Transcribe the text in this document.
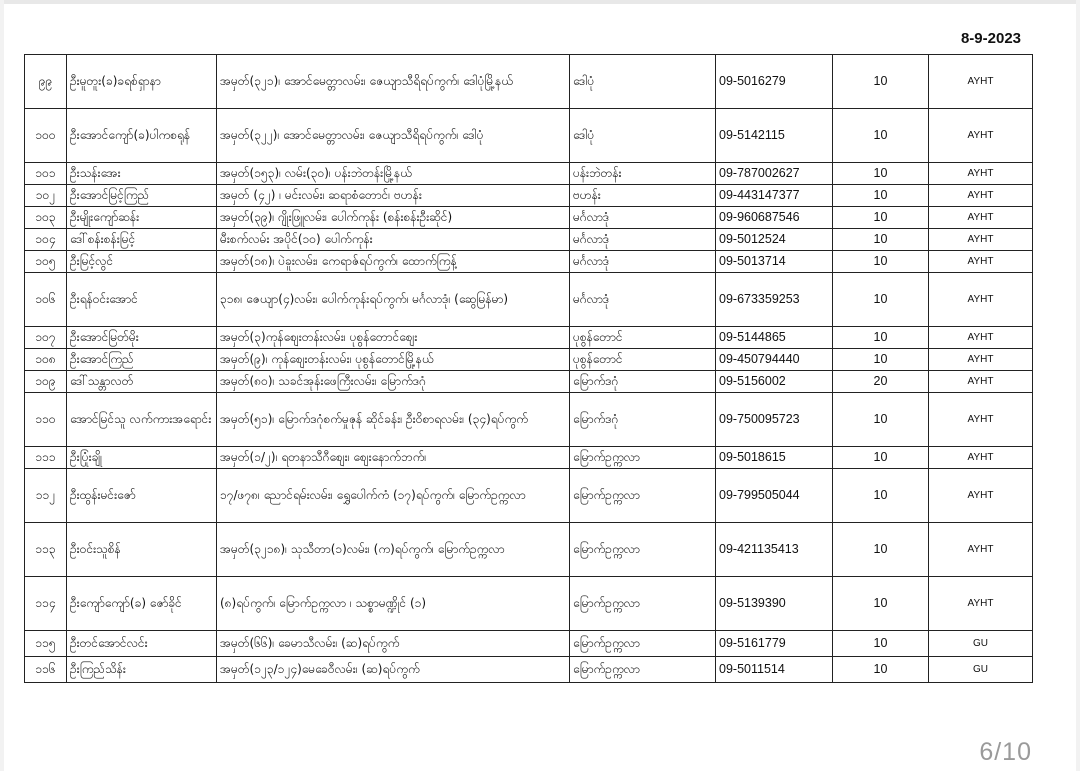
8-9-2023
၉၉	ဦးမူတူး(ခ)ခရစ်ရှာနာ	အမှတ်(၃၂၁)၊ အောင်မေတ္တာလမ်း၊ ဇေယျာသီရိရပ်ကွက်၊ ဒေါပုံမြို့နယ်	ဒေါပုံ	09-5016279	10	AYHT
၁၀၀	ဦးအောင်ကျော်(ခ)ပါကစရုန်	အမှတ်(၃၂၂)၊ အောင်မေတ္တာလမ်း၊ ဇေယျာသီရိရပ်ကွက်၊ ဒေါပုံ	ဒေါပုံ	09-5142115	10	AYHT
၁၀၁	ဦးသန်းအေး	အမှတ်(၁၅၃)၊ လမ်း(၃၀)၊ ပန်းဘဲတန်းမြို့နယ်	ပန်းဘဲတန်း	09-787002627	10	AYHT
၁၀၂	ဦးအောင်မြင့်ကြည်	အမှတ် (၄၂) ၊ မင်းလမ်း၊ ဆရာစံတောင်၊ ဗဟန်း	ဗဟန်း	09-443147377	10	AYHT
၁၀၃	ဦးမျိုးကျော်ဆန်း	အမှတ်(၃၉)၊ ဂျိုးဖြူလမ်း၊ ပေါက်ကုန်း (စန်းစန်းဦးဆိုင်)	မင်္ဂလာဒုံ	09-960687546	10	AYHT
၁၀၄	ဒေါ်စန်းစန်းမြင့်	မီးစက်လမ်း အပိုင်(၁၀) ပေါက်ကုန်း	မင်္ဂလာဒုံ	09-5012524	10	AYHT
၁၀၅	ဦးမြင့်လွင်	အမှတ်(၁၈)၊ ပဲခူးလမ်း၊ ကေရာဇ်ရပ်ကွက်၊ ထောက်ကြန့်	မင်္ဂလာဒုံ	09-5013714	10	AYHT
၁၀၆	ဦးရန်ဝင်းအောင်	၃၁၈၊ ဇေယျာ(၄)လမ်း၊ ပေါက်ကုန်းရပ်ကွက်၊ မင်္ဂလာဒုံ၊ (ဆွေမြန်မာ)	မင်္ဂလာဒုံ	09-673359253	10	AYHT
၁၀၇	ဦးအောင်မြတ်မိုး	အမှတ်(၃)ကုန်စျေးတန်းလမ်း၊ ပုစွန်တောင်စျေး	ပုစွန်တောင်	09-5144865	10	AYHT
၁၀၈	ဦးအောင်ကြည်	အမှတ်(၉)၊ ကုန်စျေးတန်းလမ်း၊ ပုစွန်တောင်မြို့နယ်	ပုစွန်တောင်	09-450794440	10	AYHT
၁၀၉	ဒေါ်သန္တာလတ်	အမှတ်(၈၀)၊ သခင်အုန်းဖေကြီးလမ်း၊ မြောက်ဒဂုံ	မြောက်ဒဂုံ	09-5156002	20	AYHT
၁၁၀	အောင်မြင်သူ လက်ကားအရောင်း	အမှတ်(၅၁)၊ မြောက်ဒဂုံစက်မှုဇုန် ဆိုင်ခန်း၊ ဦးဝိစာရလမ်း၊ (၃၄)ရပ်ကွက်	မြောက်ဒဂုံ	09-750095723	10	AYHT
၁၁၁	ဦးပြုံးချို	အမှတ်(၁/၂)၊ ရတနာသီဂီစျေး၊ စျေးနောက်ဘက်၊	မြောက်ဥက္ကလာ	09-5018615	10	AYHT
၁၁၂	ဦးထွန်းမင်းဇော်	၁၇/ဖ၇၈၊ ညောင်ရမ်းလမ်း၊ ရွှေပေါက်ကံ (၁၇)ရပ်ကွက်၊ မြောက်ဥက္ကလာ	မြောက်ဥက္ကလာ	09-799505044	10	AYHT
၁၁၃	ဦးဝင်းသူစိန်	အမှတ်(၃၂၁၈)၊ သုသီတာ(၁)လမ်း၊ (က)ရပ်ကွက်၊ မြောက်ဥက္ကလာ	မြောက်ဥက္ကလာ	09-421135413	10	AYHT
၁၁၄	ဦးကျော်ကျော်(ခ) ဇော်ခိုင်	(၈)ရပ်ကွက်၊ မြောက်ဥက္ကလာ ၊ သစ္စာမဏ္ဍိုင် (၁)	မြောက်ဥက္ကလာ	09-5139390	10	AYHT
၁၁၅	ဦးတင်အောင်လင်း	အမှတ်(၆၆)၊ ခေမာသီလမ်း၊ (ဆ)ရပ်ကွက်	မြောက်ဥက္ကလာ	09-5161779	10	GU
၁၁၆	ဦးကြည်သိန်း	အမှတ်(၁၂၃/၁၂၄)မေခေဝီလမ်း၊ (ဆ)ရပ်ကွက်	မြောက်ဥက္ကလာ	09-5011514	10	GU
6/10
